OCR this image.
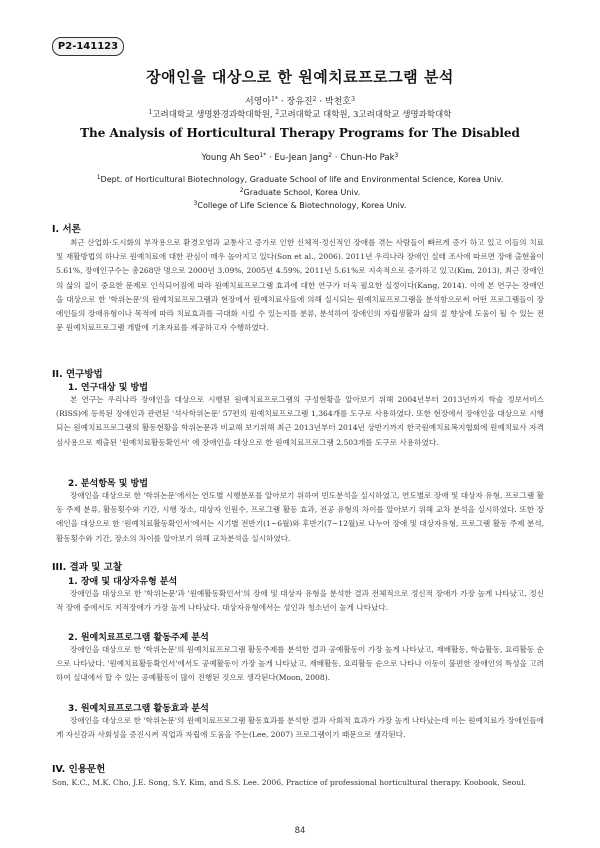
P2-141123
장애인을 대상으로 한 원예치료프로그램 분석
서영아$^{1*}$ · 장유진$^2$ · 박천호$^3$
$^1$고려대학교 생명환경과학대학원, $^2$고려대학교 대학원, 3고려대학교 생명과학대학
The Analysis of Horticultural Therapy Programs for The Disabled
Young Ah Seo$^{1*}$ · Eu-Jean Jang$^2$ · Chun-Ho Pak$^3$
$^1$Dept. of Horticultural Biotechnology, Graduate School of life and Environmental Science, Korea Univ.
$^2$Graduate School, Korea Univ.
$^3$College of Life Science & Biotechnology, Korea Univ.
I. 서론

최근 산업화·도시화의 부작용으로 환경오염과 교통사고 증가로 인한 신체적·정신적인 장애를 겪는 사람들이 빠르게 증가 하고 있고 이들의 치료 및 재활방법의 하나로 원예치료에 대한 관심이 매우 높아지고 있다(Son et al., 2006). 2011년 우리나라 장애인 실태 조사에 따르면 장애 출현율이 5.61%, 장애인구수는 총268만 명으로 2000년 3.09%, 2005년 4.59%, 2011년 5.61%로 지속적으로 증가하고 있고(Kim, 2013), 최근 장애인의 삶의 질이 중요한 문제로 인식되어짐에 따라 원예치료프로그램 효과에 대한 연구가 더욱 필요한 실정이다(Kang, 2014). 이에 본 연구는 장애인을 대상으로 한 '학위논문'의 원예치료프로그램과 현장에서 원예치료사들에 의해 실시되는 원예치료프로그램을 분석함으로써 어떤 프로그램들이 장애인들의 장애유형이나 목적에 따라 치료효과를 극대화 시킬 수 있는지를 분류, 분석하여 장애인의 자립생활과 삶의 질 향상에 도움이 될 수 있는 전문 원예치료프로그램 개발에 기초자료를 제공하고자 수행하였다.

II. 연구방법
1. 연구대상 및 방법

본 연구는 우리나라 장애인을 대상으로 시행된 원예치료프로그램의 구성현황을 알아보기 위해 2004년부터 2013년까지 학술 정보서비스(RISS)에 등록된 장애인과 관련된 '석사학위논문' 57편의 원예치료프로그램 1,364개를 도구로 사용하였다. 또한 현장에서 장애인을 대상으로 시행되는 원예치료프로그램의 활동현황을 학위논문과 비교해 보기위해 최근 2013년부터 2014년 상반기까지 한국원예치료복지협회에 원예치료사 자격심사용으로 제출된 '원예치료활동확인서' 에 장애인을 대상으로 한 원예치료프로그램 2,503개를 도구로 사용하였다.

2. 분석항목 및 방법

장애인을 대상으로 한 '학위논문'에서는 연도별 시행분포를 알아보기 위하여 빈도분석을 실시하였고, 연도별로 장애 및 대상자 유형, 프로그램 활동 주제 분류, 활동횟수와 기간, 시행 장소, 대상자 인원수, 프로그램 활동 효과, 전공 유형의 차이를 알아보기 위해 교차 분석을 실시하였다. 또한 장애인을 대상으로 한 '원예치료활동확인서'에서는 시기별 전반기(1~6월)와 후반기(7~12월)로 나누어 장애 및 대상자유형, 프로그램 활동 주제 분석, 활동횟수와 기간, 장소의 차이를 알아보기 위해 교차분석을 실시하였다.

III. 결과 및 고찰
1. 장애 및 대상자유형 분석

장애인을 대상으로 한 '학위논문'과 '원예활동확인서'의 장애 및 대상자 유형을 분석한 결과 전체적으로 정신적 장애가 가장 높게 나타났고, 정신적 장애 중에서도 지적장애가 가장 높게 나타났다. 대상자유형에서는 성인과 청소년이 높게 나타났다.

2. 원예치료프로그램 활동주제 분석

장애인을 대상으로 한 '학위논문'의 원예치료프로그램 활동주제를 분석한 결과 공예활동이 가장 높게 나타났고, 재배활동, 학습활동, 요리활동 순으로 나타났다. '원예치료활동확인서'에서도 공예활동이 가장 높게 나타났고, 재배활동, 요리활동 순으로 나타나 이동이 불편한 장애인의 특성을 고려하여 실내에서 할 수 있는 공예활동이 많이 진행된 것으로 생각된다(Moon, 2008).

3. 원예치료프로그램 활동효과 분석

장애인을 대상으로 한 '학위논문'의 원예치료프로그램 활동효과를 분석한 결과 사회적 효과가 가장 높게 나타났는데 이는 원예치료가 장애인들에게 자신감과 사회성을 증진시켜 직업과 자립에 도움을 주는(Lee, 2007) 프로그램이기 때문으로 생각된다.

IV. 인용문헌
Son, K.C., M.K. Cho, J.E. Song, S.Y. Kim, and S.S. Lee. 2006, Practice of professional horticultural therapy. Koobook, Seoul.
84
